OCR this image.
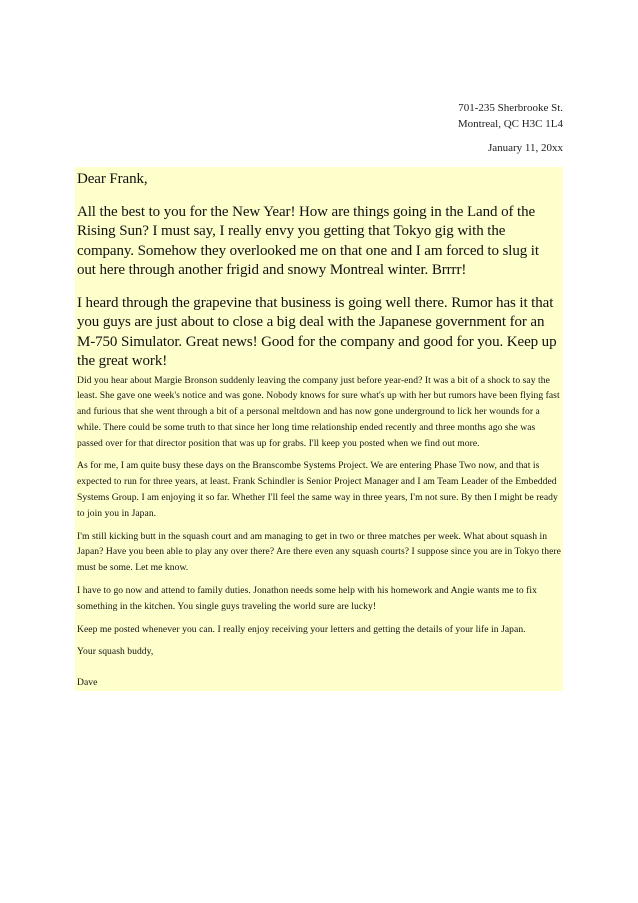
701-235 Sherbrooke St.
Montreal, QC H3C 1L4
January 11, 20xx

Dear Frank,

All the best to you for the New Year! How are things going in the Land of the Rising Sun? I must say, I really envy you getting that Tokyo gig with the company. Somehow they overlooked me on that one and I am forced to slug it out here through another frigid and snowy Montreal winter. Brrrr!

I heard through the grapevine that business is going well there. Rumor has it that you guys are just about to close a big deal with the Japanese government for an M-750 Simulator. Great news! Good for the company and good for you. Keep up the great work!

Did you hear about Margie Bronson suddenly leaving the company just before year-end? It was a bit of a shock to say the least. She gave one week's notice and was gone. Nobody knows for sure what's up with her but rumors have been flying fast and furious that she went through a bit of a personal meltdown and has now gone underground to lick her wounds for a while. There could be some truth to that since her long time relationship ended recently and three months ago she was passed over for that director position that was up for grabs. I'll keep you posted when we find out more.

As for me, I am quite busy these days on the Branscombe Systems Project. We are entering Phase Two now, and that is expected to run for three years, at least. Frank Schindler is Senior Project Manager and I am Team Leader of the Embedded Systems Group. I am enjoying it so far. Whether I'll feel the same way in three years, I'm not sure. By then I might be ready to join you in Japan.

I'm still kicking butt in the squash court and am managing to get in two or three matches per week. What about squash in Japan? Have you been able to play any over there? Are there even any squash courts? I suppose since you are in Tokyo there must be some. Let me know.

I have to go now and attend to family duties. Jonathon needs some help with his homework and Angie wants me to fix something in the kitchen. You single guys traveling the world sure are lucky!

Keep me posted whenever you can. I really enjoy receiving your letters and getting the details of your life in Japan.

Your squash buddy,

Dave
